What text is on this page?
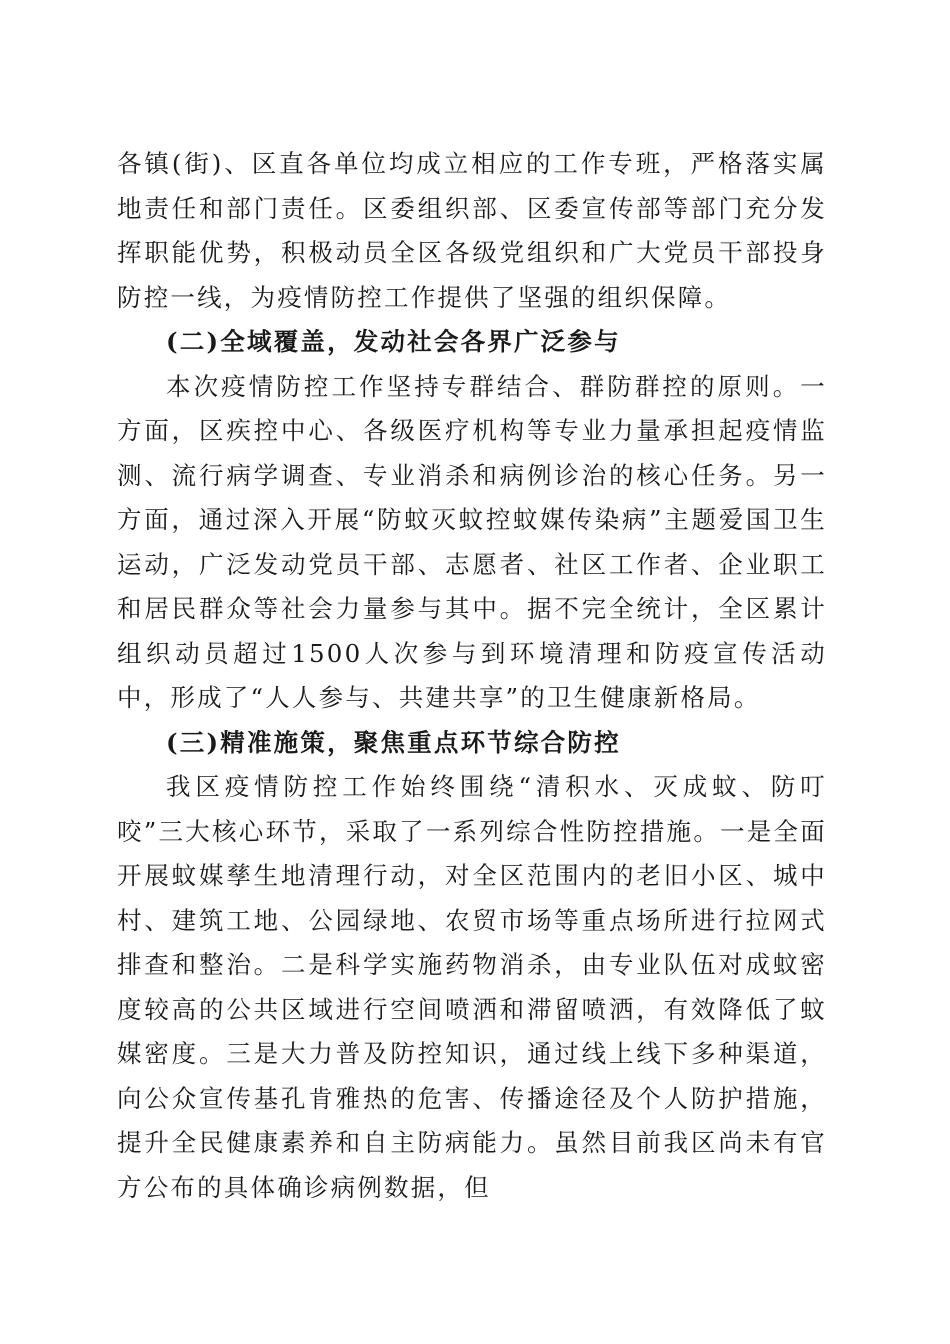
各镇(街)、区直各单位均成立相应的工作专班，严格落实属地责任和部门责任。区委组织部、区委宣传部等部门充分发挥职能优势，积极动员全区各级党组织和广大党员干部投身防控一线，为疫情防控工作提供了坚强的组织保障。

(二)全域覆盖，发动社会各界广泛参与

本次疫情防控工作坚持专群结合、群防群控的原则。一方面，区疾控中心、各级医疗机构等专业力量承担起疫情监测、流行病学调查、专业消杀和病例诊治的核心任务。另一方面，通过深入开展“防蚊灭蚊控蚊媒传染病”主题爱国卫生运动，广泛发动党员干部、志愿者、社区工作者、企业职工和居民群众等社会力量参与其中。据不完全统计，全区累计组织动员超过1500人次参与到环境清理和防疫宣传活动中，形成了“人人参与、共建共享”的卫生健康新格局。

(三)精准施策，聚焦重点环节综合防控

我区疫情防控工作始终围绕“清积水、灭成蚊、防叮咬”三大核心环节，采取了一系列综合性防控措施。一是全面开展蚊媒孳生地清理行动，对全区范围内的老旧小区、城中村、建筑工地、公园绿地、农贸市场等重点场所进行拉网式排查和整治。二是科学实施药物消杀，由专业队伍对成蚊密度较高的公共区域进行空间喷洒和滞留喷洒，有效降低了蚊媒密度。三是大力普及防控知识，通过线上线下多种渠道，向公众宣传基孔肯雅热的危害、传播途径及个人防护措施，提升全民健康素养和自主防病能力。虽然目前我区尚未有官方公布的具体确诊病例数据，但
